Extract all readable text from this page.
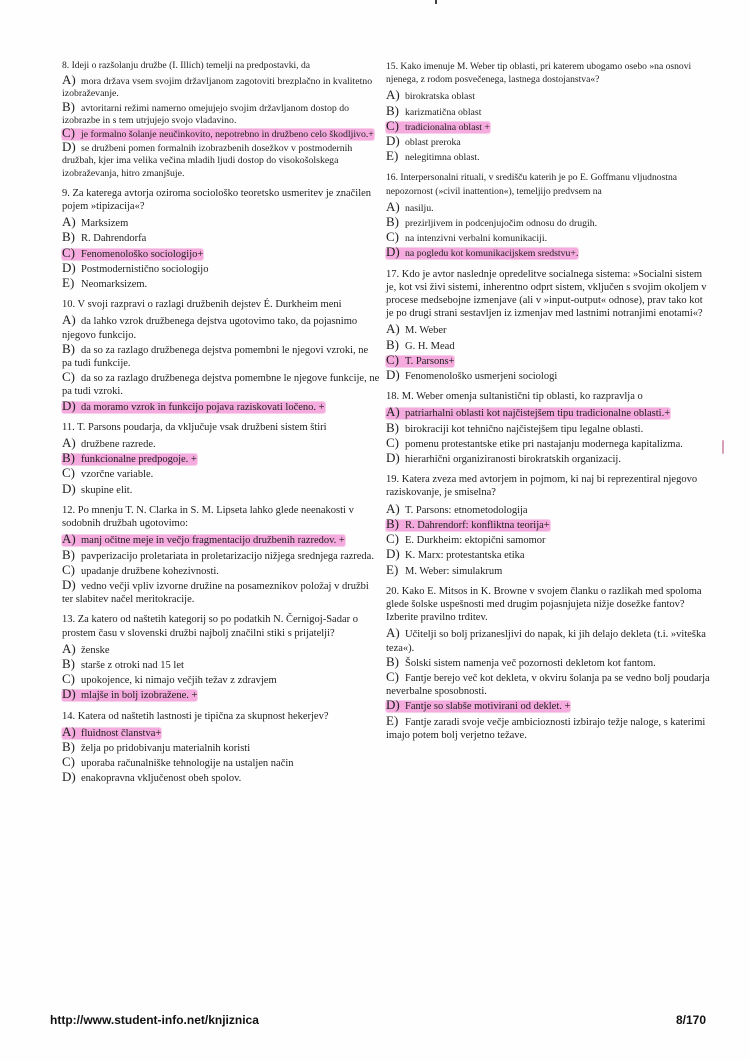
8. Ideji o razšolanju družbe (I. Illich) temelji na predpostavki, da
A) mora država vsem svojim državljanom zagotoviti brezplačno in kvalitetno izobraževanje.
B) avtoritarni režimi namerno omejujejo svojim državljanom dostop do izobrazbe in s tem utrjujejo svojo vladavino.
C) je formalno šolanje neučinkovito, nepotrebno in družbeno celo škodljivo.+
D) se družbeni pomen formalnih izobrazbenih dosežkov v postmodernih družbah, kjer ima velika večina mladih ljudi dostop do visokošolskega izobraževanja, hitro zmanjšuje.
9. Za katerega avtorja oziroma sociološko teoretsko usmeritev je značilen pojem »tipizacija«?
A) Marksizem
B) R. Dahrendorfa
C) Fenomenološko sociologijo+
D) Postmodernistično sociologijo
E) Neomarksizem.
10. V svoji razpravi o razlagi družbenih dejstev É. Durkheim meni
A) da lahko vzrok družbenega dejstva ugotovimo tako, da pojasnimo njegovo funkcijo.
B) da so za razlago družbenega dejstva pomembni le njegovi vzroki, ne pa tudi funkcije.
C) da so za razlago družbenega dejstva pomembne le njegove funkcije, ne pa tudi vzroki.
D) da moramo vzrok in funkcijo pojava raziskovati ločeno. +
11. T. Parsons poudarja, da vključuje vsak družbeni sistem štiri
A) družbene razrede.
B) funkcionalne predpogoje. +
C) vzorčne variable.
D) skupine elit.
12. Po mnenju T. N. Clarka in S. M. Lipseta lahko glede neenakosti v sodobnih družbah ugotovimo:
A) manj očitne meje in večjo fragmentacijo družbenih razredov. +
B) pavperizacijo proletariata in proletarizacijo nižjega srednjega razreda.
C) upadanje družbene kohezivnosti.
D) vedno večji vpliv izvorne družine na posameznikov položaj v družbi ter slabitev načel meritokracije.
13. Za katero od naštetih kategorij so po podatkih N. Černigoj-Sadar o prostem času v slovenski družbi najbolj značilni stiki s prijatelji?
A) ženske
B) starše z otroki nad 15 let
C) upokojence, ki nimajo večjih težav z zdravjem
D) mlajše in bolj izobražene. +
14. Katera od naštetih lastnosti je tipična za skupnost hekerjev?
A) fluidnost članstva+
B) želja po pridobivanju materialnih koristi
C) uporaba računalniške tehnologije na ustaljen način
D) enakopravna vključenost obeh spolov.
15. Kako imenuje M. Weber tip oblasti, pri katerem ubogamo osebo »na osnovi njenega, z rodom posvečenega, lastnega dostojanstva«?
A) birokratska oblast
B) karizmatična oblast
C) tradicionalna oblast +
D) oblast preroka
E) nelegitimna oblast.
16. Interpersonalni rituali, v središču katerih je po E. Goffmanu vljudnostna nepozornost (»civil inattention«), temeljijo predvsem na
A) nasilju.
B) prezirljivem in podcenjujočim odnosu do drugih.
C) na intenzivni verbalni komunikaciji.
D) na pogledu kot komunikacijskem sredstvu+.
17. Kdo je avtor naslednje opredelitve socialnega sistema: »Socialni sistem je, kot vsi živi sistemi, inherentno odprt sistem, vključen s svojim okoljem v procese medsebojne izmenjave (ali v »input-output« odnose), prav tako kot je po drugi strani sestavljen iz izmenjav med lastnimi notranjimi enotami«?
A) M. Weber
B) G. H. Mead
C) T. Parsons+
D) Fenomenološko usmerjeni sociologi
18. M. Weber omenja sultanistični tip oblasti, ko razpravlja o
A) patriarhalni oblasti kot najčistejšem tipu tradicionalne oblasti.+
B) birokraciji kot tehnično najčistejšem tipu legalne oblasti.
C) pomenu protestantske etike pri nastajanju modernega kapitalizma.
D) hierarhični organiziranosti birokratskih organizacij.
19. Katera zveza med avtorjem in pojmom, ki naj bi reprezentiral njegovo raziskovanje, je smiselna?
A) T. Parsons: etnometodologija
B) R. Dahrendorf: konfliktna teorija+
C) E. Durkheim: ektopični samomor
D) K. Marx: protestantska etika
E) M. Weber: simulakrum
20. Kako E. Mitsos in K. Browne v svojem članku o razlikah med spoloma glede šolske uspešnosti med drugim pojasnjujeta nižje dosežke fantov? Izberite pravilno trditev.
A) Učitelji so bolj prizanesljivi do napak, ki jih delajo dekleta (t.i. »viteška teza«).
B) Šolski sistem namenja več pozornosti dekletom kot fantom.
C) Fantje berejo več kot dekleta, v okviru šolanja pa se vedno bolj poudarja neverbalne sposobnosti.
D) Fantje so slabše motivirani od deklet. +
E) Fantje zaradi svoje večje ambicioznosti izbirajo težje naloge, s katerimi imajo potem bolj verjetno težave.
http://www.student-info.net/knjiznica	8/170
